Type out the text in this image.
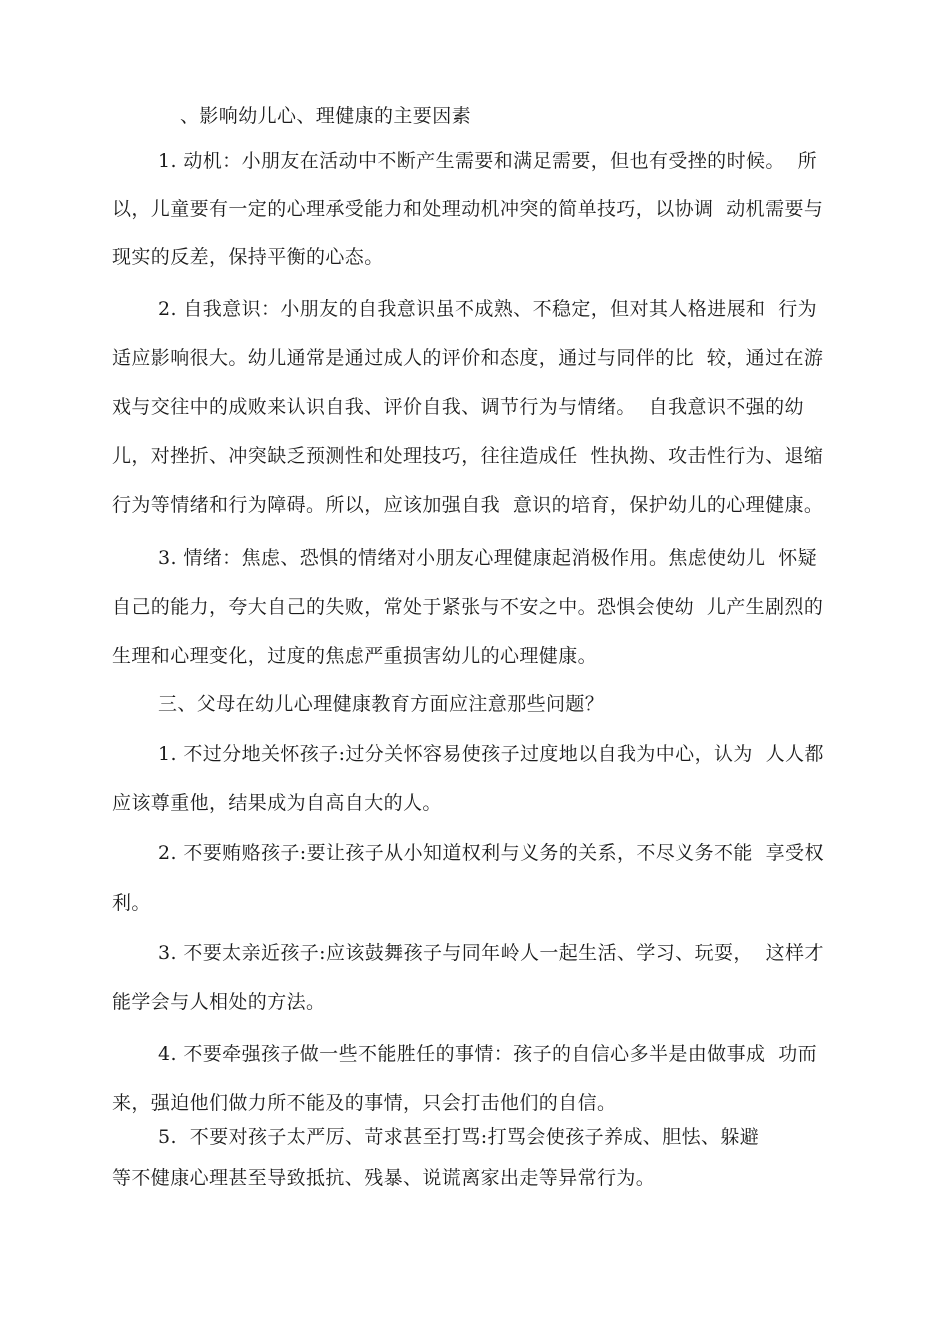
、影响幼儿心、理健康的主要因素
1. 动机：小朋友在活动中不断产生需要和满足需要，但也有受挫的时候。  所
以，儿童要有一定的心理承受能力和处理动机冲突的简单技巧，以协调  动机需要与
现实的反差，保持平衡的心态。
2. 自我意识：小朋友的自我意识虽不成熟、不稳定，但对其人格进展和  行为
适应影响很大。幼儿通常是通过成人的评价和态度，通过与同伴的比  较，通过在游
戏与交往中的成败来认识自我、评价自我、调节行为与情绪。  自我意识不强的幼
儿，对挫折、冲突缺乏预测性和处理技巧，往往造成任  性执拗、攻击性行为、退缩
行为等情绪和行为障碍。所以，应该加强自我  意识的培育，保护幼儿的心理健康。
3. 情绪：焦虑、恐惧的情绪对小朋友心理健康起消极作用。焦虑使幼儿  怀疑
自己的能力，夸大自己的失败，常处于紧张与不安之中。恐惧会使幼  儿产生剧烈的
生理和心理变化，过度的焦虑严重损害幼儿的心理健康。
三、父母在幼儿心理健康教育方面应注意那些问题？
1. 不过分地关怀孩子:过分关怀容易使孩子过度地以自我为中心，认为  人人都
应该尊重他，结果成为自高自大的人。
2. 不要贿赂孩子:要让孩子从小知道权利与义务的关系，不尽义务不能  享受权
利。
3. 不要太亲近孩子:应该鼓舞孩子与同年岭人一起生活、学习、玩耍，  这样才
能学会与人相处的方法。
4. 不要牵强孩子做一些不能胜任的事情：孩子的自信心多半是由做事成  功而
来，强迫他们做力所不能及的事情，只会打击他们的自信。
5.  不要对孩子太严厉、苛求甚至打骂:打骂会使孩子养成、胆怯、躲避
等不健康心理甚至导致抵抗、残暴、说谎离家出走等异常行为。
